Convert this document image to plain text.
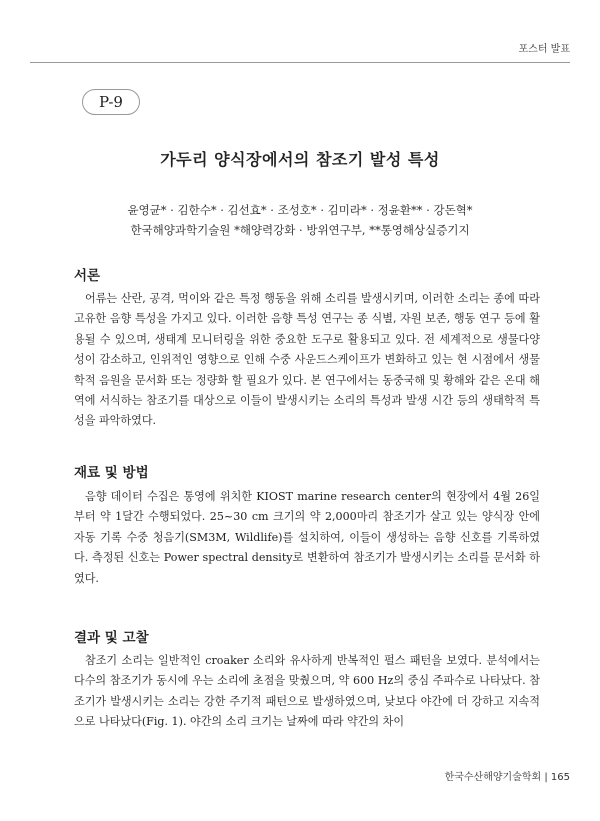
포스터 발표
P-9
가두리 양식장에서의 참조기 발성 특성
윤영균* · 김한수* · 김선효* · 조성호* · 김미라* · 정윤환** · 강돈혁*
한국해양과학기술원 *해양력강화 · 방위연구부, **통영해상실증기지
서론

어류는 산란, 공격, 먹이와 같은 특정 행동을 위해 소리를 발생시키며, 이러한 소리는 종에 따라 고유한 음향 특성을 가지고 있다. 이러한 음향 특성 연구는 종 식별, 자원 보존, 행동 연구 등에 활용될 수 있으며, 생태계 모니터링을 위한 중요한 도구로 활용되고 있다. 전 세계적으로 생물다양성이 감소하고, 인위적인 영향으로 인해 수중 사운드스케이프가 변화하고 있는 현 시점에서 생물학적 음원을 문서화 또는 정량화 할 필요가 있다. 본 연구에서는 동중국해 및 황해와 같은 온대 해역에 서식하는 참조기를 대상으로 이들이 발생시키는 소리의 특성과 발생 시간 등의 생태학적 특성을 파악하였다.

재료 및 방법

음향 데이터 수집은 통영에 위치한 KIOST marine research center의 현장에서 4월 26일부터 약 1달간 수행되었다. 25~30 cm 크기의 약 2,000마리 참조기가 살고 있는 양식장 안에 자동 기록 수중 청음기(SM3M, Wildlife)를 설치하여, 이들이 생성하는 음향 신호를 기록하였다. 측정된 신호는 Power spectral density로 변환하여 참조기가 발생시키는 소리를 문서화 하였다.

결과 및 고찰

참조기 소리는 일반적인 croaker 소리와 유사하게 반복적인 펄스 패턴을 보였다. 분석에서는 다수의 참조기가 동시에 우는 소리에 초점을 맞췄으며, 약 600 Hz의 중심 주파수로 나타났다. 참조기가 발생시키는 소리는 강한 주기적 패턴으로 발생하였으며, 낮보다 야간에 더 강하고 지속적으로 나타났다(Fig. 1). 야간의 소리 크기는 날짜에 따라 약간의 차이

한국수산해양기술학회 | 165
